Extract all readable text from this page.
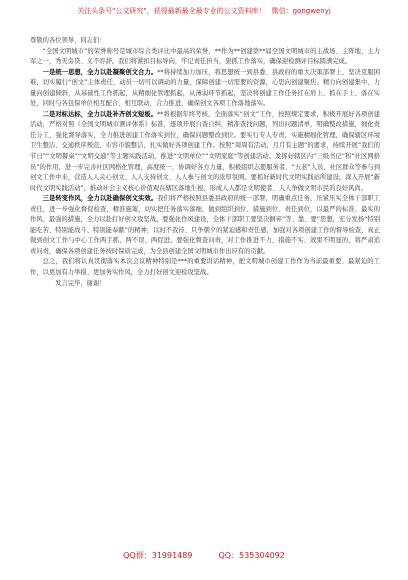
关注头条号"公文研究"，获得最新最全最专业的公文资料库！ 微信：gongwenyj

尊敬的各位领导，同志们：

“全国文明城市”的荣誉称号是城市综合类评比中最高的荣誉，**作为**创建第**届全国文明城市的主战场、主阵地、主力军之一，秀无旁贷、义不容辞。我们将紧扣目标导向，牢记责任担当，狠抓工作落实，确保迎检测评目标圆满完成。

一是统一思想，全力以赴凝聚创文合力。**将持续加力加压，将思想统一到县委、县政府的重大决策部署上，坚决克服困难，切实履行“创文”主体责任，动员一切可以调动的力量，保障创建一切需要的资源，心思向创建聚焦、精力向创建集中、力量向创建倾斜，从基础性工作抓起，从精细化管理抓起，从薄弱环节抓起，坚决将创建工作任务扛在肩上、抓在手上、落在实处，同时与各包保单位相互配合、相互联动，合力推进，确保创文各项工作落地落实。

二是对标达标，全力以赴补齐创文短板。**将根据年终考核，全面落实“创文”工作，按照规定要求，积极开展好各项创建活动，严格对照《全国文明城市测评体系》标准，逐项开展自查自纠，精准查找问题，列出问题清单，明确整改措施，细化责任分工，强化督导落实，全力推进创建工作落实到位，确保问题整改到位。要实行专人专责，实施精细化管理，确保辖区环境卫生整洁、交通秩序规范、市容市貌整洁，扎实做好各项创建工作。按照“周周有活动，月月有主题”的要求，持续开展“我们的节日”“文明餐桌”“文明交通”等主题实践活动，推进“文明单位”“文明家庭”等创建活动。发挥好辖区内“三级书记”和“社区网格员”的作用，进一步完善社区网格化管理，高度统一，协调好各方力量，积极组织志愿服务者、“五老”人员、社区群众等参与到创文工作中来，营造人人关心创文、人人支持创文、人人参与创文的浓厚氛围。要抓好新时代文明实践站所建设，深入开展“新时代文明实践活动”，推动社会主义核心价值观在辖区落地生根，形成人人都是文明使者、人人争做文明市民的良好风尚。

三是转变作风，全力以赴确保创文实效。我们将严格按照县委县政府的统一部署，明确重点任务，压紧压实全体干部职工责任，进一步强化督促检查，精准施策，切实把任务落实落细，做到组织到位、措施到位、责任到位，以最严的标准、最实的作风、最强的措施，全力以赴打好创文攻坚战。要强化作风建设，全体干部职工要坚决摒弃“等、靠、要”思想，充分发扬“特别能吃苦、特别能战斗、特别能奉献”的精神，以时不我待、只争朝夕的紧迫感和责任感，加强对各项创建工作的督导检查，真正做到创文工作与中心工作两手抓、两不误、两促进。要强化督查问责，对工作推进不力、措施不实、效果不明显的，将严肃追责问责，确保各项创建任务按时保质完成，为全县创建全国文明城市作出应有的贡献。

总之，我们将认真贯彻落实本次会议精神特别是***的重要讲话精神，把文明城市创建工作作为当前最重要、最紧迫的工作，以更加有力举措、更加务实作风，全力打好创文迎检攻坚战。

发言完毕，谢谢！

QQ群：31991489	QQ：535304092
